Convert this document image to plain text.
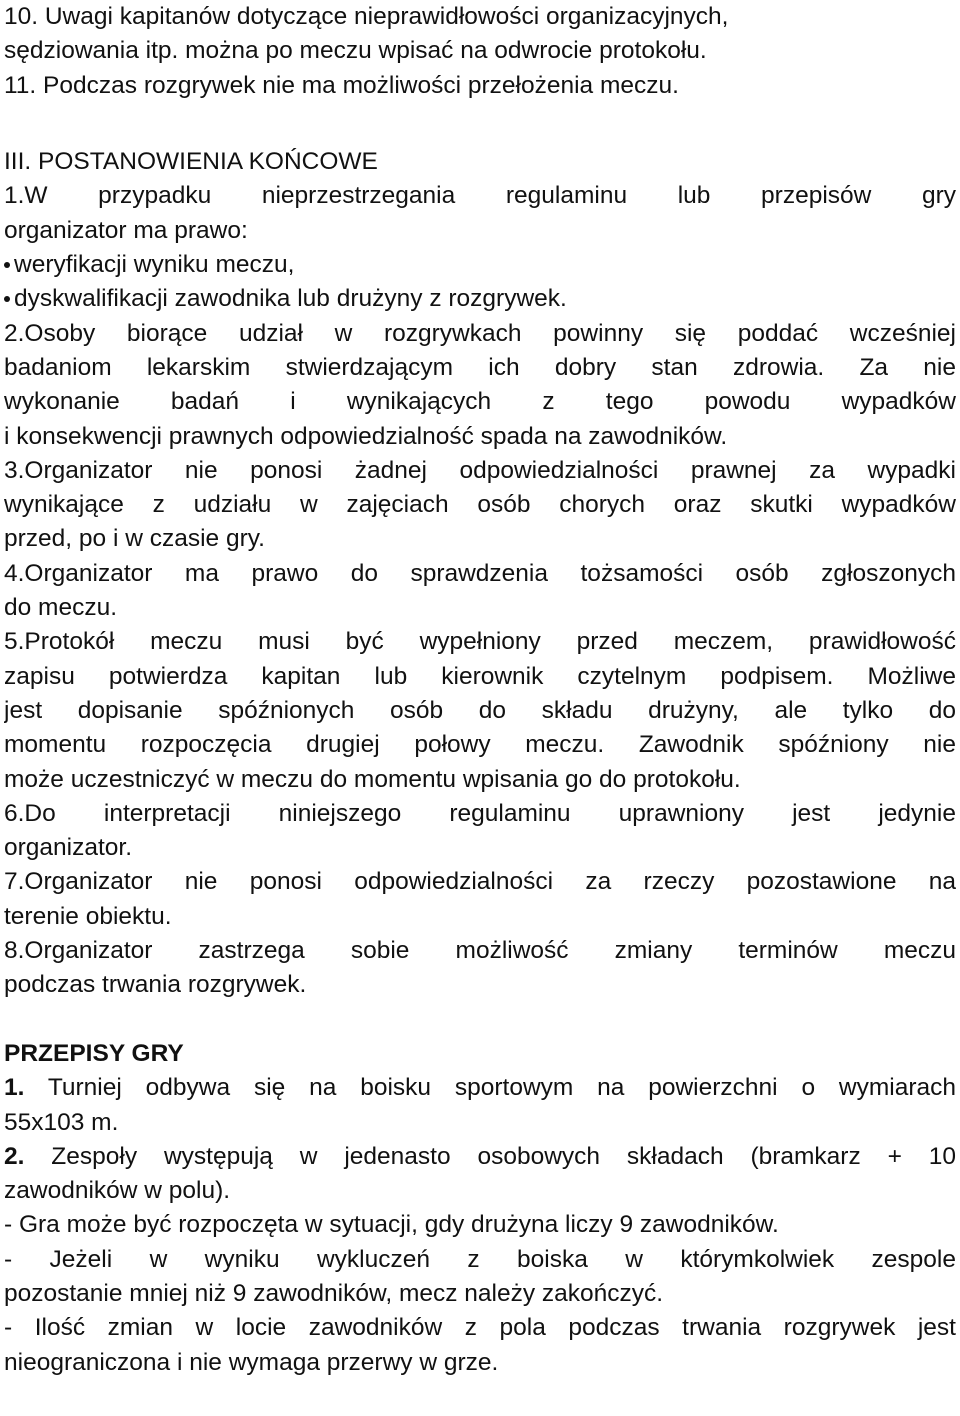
10. Uwagi kapitanów dotyczące nieprawidłowości organizacyjnych,
sędziowania itp. można po meczu wpisać na odwrocie protokołu.
11. Podczas rozgrywek nie ma możliwości przełożenia meczu.
III. POSTANOWIENIA KOŃCOWE
1.W przypadku nieprzestrzegania regulaminu lub przepisów gry
organizator ma prawo:
weryfikacji wyniku meczu,
dyskwalifikacji zawodnika lub drużyny z rozgrywek.
2.Osoby biorące udział w rozgrywkach powinny się poddać wcześniej
badaniom lekarskim stwierdzającym ich dobry stan zdrowia. Za nie
wykonanie badań i wynikających z tego powodu wypadków
i konsekwencji prawnych odpowiedzialność spada na zawodników.
3.Organizator nie ponosi żadnej odpowiedzialności prawnej za wypadki
wynikające z udziału w zajęciach osób chorych oraz skutki wypadków
przed, po i w czasie gry.
4.Organizator ma prawo do sprawdzenia tożsamości osób zgłoszonych
do meczu.
5.Protokół meczu musi być wypełniony przed meczem, prawidłowość
zapisu potwierdza kapitan lub kierownik czytelnym podpisem. Możliwe
jest dopisanie spóźnionych osób do składu drużyny, ale tylko do
momentu rozpoczęcia drugiej połowy meczu. Zawodnik spóźniony nie
może uczestniczyć w meczu do momentu wpisania go do protokołu.
6.Do interpretacji niniejszego regulaminu uprawniony jest jedynie
organizator.
7.Organizator nie ponosi odpowiedzialności za rzeczy pozostawione na
terenie obiektu.
8.Organizator zastrzega sobie możliwość zmiany terminów meczu
podczas trwania rozgrywek.
PRZEPISY GRY
1. Turniej odbywa się na boisku sportowym na powierzchni o wymiarach
55x103 m.
2. Zespoły występują w jedenasto osobowych składach (bramkarz + 10
zawodników w polu).
- Gra może być rozpoczęta w sytuacji, gdy drużyna liczy 9 zawodników.
- Jeżeli w wyniku wykluczeń z boiska w którymkolwiek zespole
pozostanie mniej niż 9 zawodników, mecz należy zakończyć.
- Ilość zmian w locie zawodników z pola podczas trwania rozgrywek jest
nieograniczona i nie wymaga przerwy w grze.
